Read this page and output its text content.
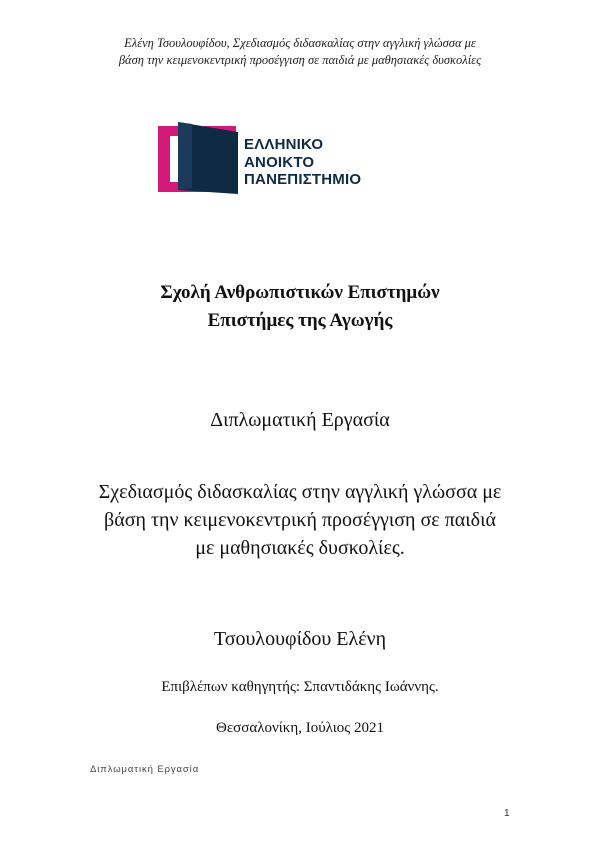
Ελένη Τσουλουφίδου, Σχεδιασμός διδασκαλίας στην αγγλική γλώσσα με
βάση την κειμενοκεντρική προσέγγιση σε παιδιά με μαθησιακές δυσκολίες
ΕΛΛΗΝΙΚΟ
ΑΝΟΙΚΤΟ
ΠΑΝΕΠΙΣΤΗΜΙΟ
Σχολή Ανθρωπιστικών Επιστημών
Επιστήμες της Αγωγής
Διπλωματική Εργασία
Σχεδιασμός διδασκαλίας στην αγγλική γλώσσα με
βάση την κειμενοκεντρική προσέγγιση σε παιδιά
με μαθησιακές δυσκολίες.
Τσουλουφίδου Ελένη
Επιβλέπων καθηγητής: Σπαντιδάκης Ιωάννης.
Θεσσαλονίκη, Ιούλιος 2021
Διπλωματική Εργασία
1
